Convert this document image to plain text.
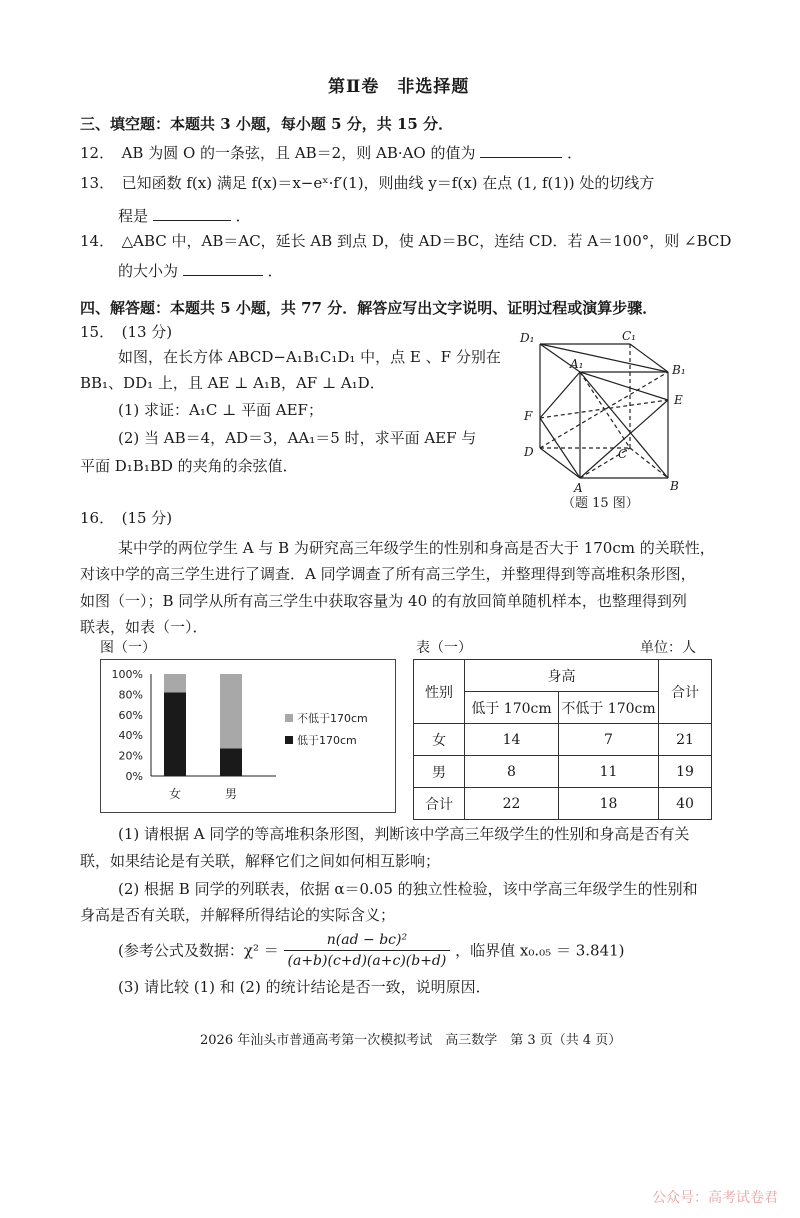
第Ⅱ卷　非选择题
三、填空题：本题共 3 小题，每小题 5 分，共 15 分．
12．　AB 为圆 O 的一条弦，且 AB＝2，则 AB·AO 的值为	．
13．　已知函数 f(x) 满足 f(x)＝x−eˣ·f′(1)，则曲线 y＝f(x) 在点 (1, f(1)) 处的切线方
程是	．
14．　△ABC 中，AB＝AC，延长 AB 到点 D，使 AD＝BC，连结 CD．若 A＝100°，则 ∠BCD
的大小为	．
四、解答题：本题共 5 小题，共 77 分．解答应写出文字说明、证明过程或演算步骤．
15．　(13 分)
如图，在长方体 ABCD−A₁B₁C₁D₁ 中，点 E 、F 分别在
BB₁、DD₁ 上，且 AE ⊥ A₁B，AF ⊥ A₁D．
(1) 求证：A₁C ⊥ 平面 AEF；
(2) 当 AB＝4，AD＝3，AA₁＝5 时，求平面 AEF 与
平面 D₁B₁BD 的夹角的余弦值．
D₁	C₁
A₁	B₁
E
F
D	C
A	B
（题 15 图）
16．　(15 分)
某中学的两位学生 A 与 B 为研究高三年级学生的性别和身高是否大于 170cm 的关联性，
对该中学的高三学生进行了调查．A 同学调查了所有高三学生，并整理得到等高堆积条形图，
如图（一）；B 同学从所有高三学生中获取容量为 40 的有放回简单随机样本，也整理得到列
联表，如表（一）．
图（一）	表（一）	单位：人
0%
20%
40%
60%
80%
100%
女	男
不低于170cm
低于170cm
性别	身高		合计
	低于 170cm	不低于 170cm	
女	14	7	21
男	8	11	19
合计	22	18	40
(1) 请根据 A 同学的等高堆积条形图，判断该中学高三年级学生的性别和身高是否有关
联，如果结论是有关联，解释它们之间如何相互影响；
(2) 根据 B 同学的列联表，依据 α＝0.05 的独立性检验，该中学高三年级学生的性别和
身高是否有关联，并解释所得结论的实际含义；
(参考公式及数据：$\chi^2 = \frac{\text{n(ad − bc)²}}{(a+b)(c+d)(a+c)(b+d)}$ ，临界值 x₀.₀₅ ＝ 3.841)
(3) 请比较 (1) 和 (2) 的统计结论是否一致，说明原因．
2026 年汕头市普通高考第一次模拟考试　高三数学　第 3 页（共 4 页）
公众号：高考试卷君
